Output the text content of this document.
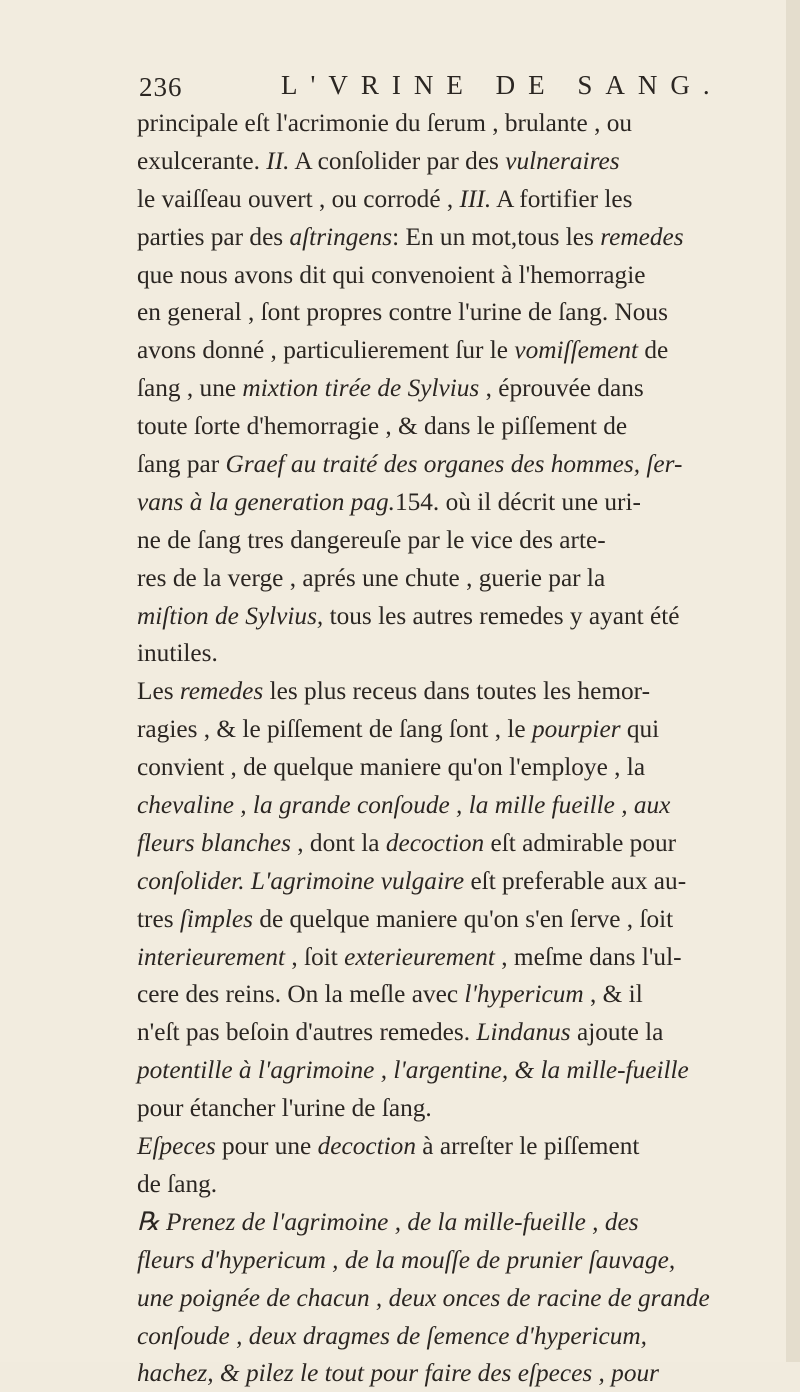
236	L'VRINE DE SANG.
principale eſt l'acrimonie du ſerum , brulante , ou
exulcerante. II. A conſolider par des vulneraires
le vaiſſeau ouvert , ou corrodé , III. A fortifier les
parties par des aſtringens: En un mot,tous les remedes
que nous avons dit qui convenoient à l'hemorragie
en general , ſont propres contre l'urine de ſang. Nous
avons donné , particulierement ſur le vomiſſement de
ſang , une mixtion tirée de Sylvius , éprouvée dans
toute ſorte d'hemorragie , & dans le piſſement de
ſang par Graef au traité des organes des hommes, ſer-
vans à la generation pag.154. où il décrit une uri-
ne de ſang tres dangereuſe par le vice des arte-
res de la verge , aprés une chute , guerie par la
miſtion de Sylvius, tous les autres remedes y ayant été
inutiles.
Les remedes les plus receus dans toutes les hemor-
ragies , & le piſſement de ſang ſont , le pourpier qui
convient , de quelque maniere qu'on l'employe , la
chevaline , la grande conſoude , la mille fueille , aux
fleurs blanches , dont la decoction eſt admirable pour
conſolider. L'agrimoine vulgaire eſt preferable aux au-
tres ſimples de quelque maniere qu'on s'en ſerve , ſoit
interieurement , ſoit exterieurement , meſme dans l'ul-
cere des reins. On la meſle avec l'hypericum , & il
n'eſt pas beſoin d'autres remedes. Lindanus ajoute la
potentille à l'agrimoine , l'argentine, & la mille-fueille
pour étancher l'urine de ſang.
Eſpeces pour une decoction à arreſter le piſſement
de ſang.
℞ Prenez de l'agrimoine , de la mille-fueille , des
fleurs d'hypericum , de la mouſſe de prunier ſauvage,
une poignée de chacun , deux onces de racine de grande
conſoude , deux dragmes de ſemence d'hypericum,
hachez, & pilez le tout pour faire des eſpeces , pour
